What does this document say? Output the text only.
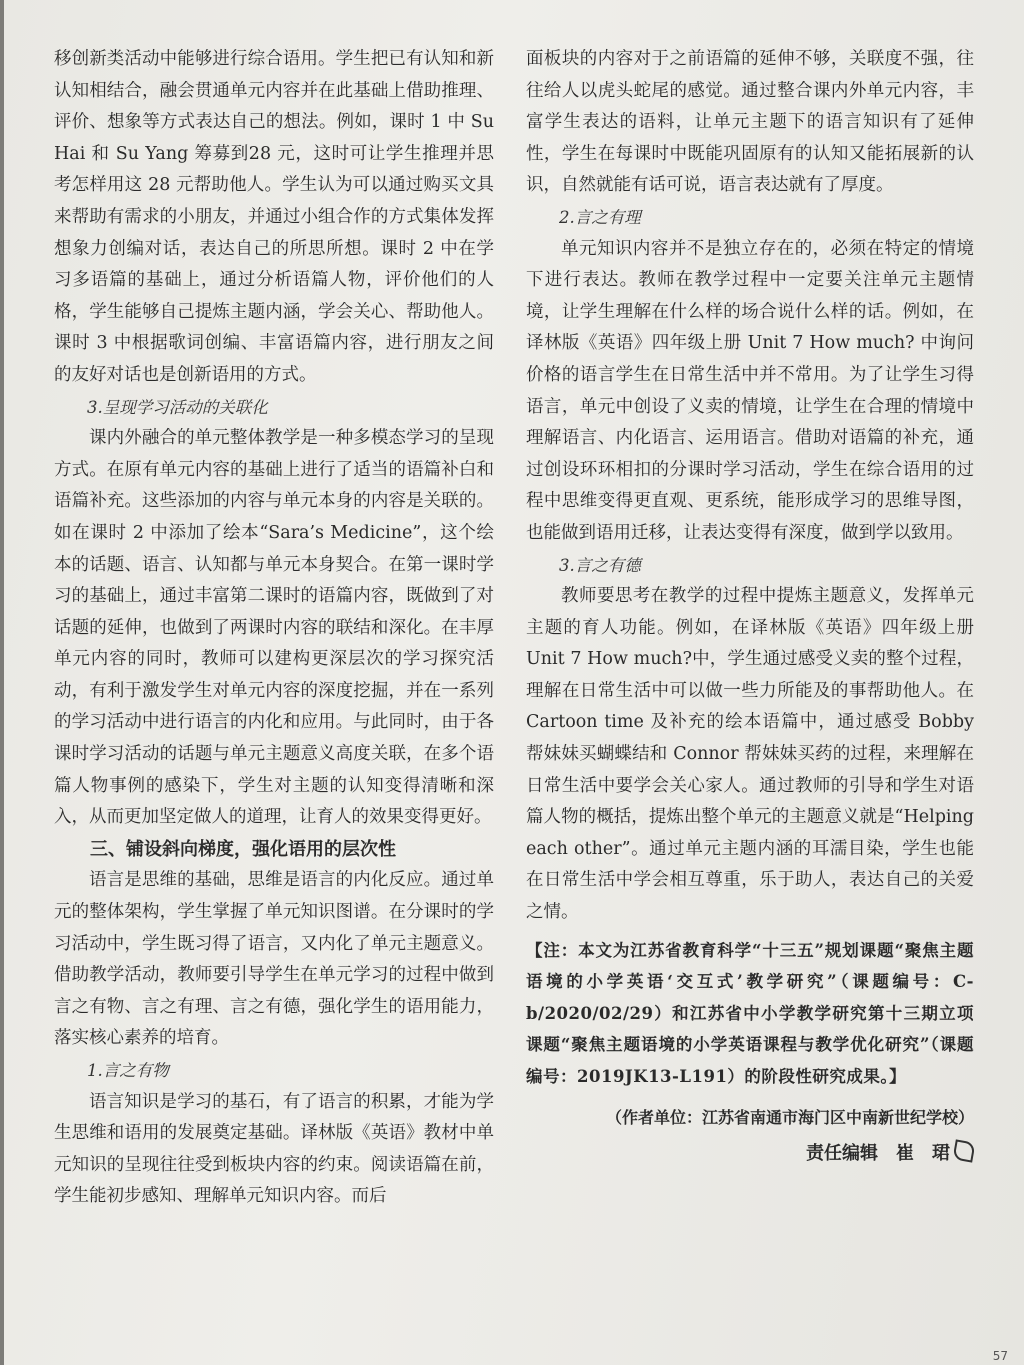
移创新类活动中能够进行综合语用。学生把已有认知和新认知相结合，融会贯通单元内容并在此基础上借助推理、评价、想象等方式表达自己的想法。例如，课时 1 中 Su Hai 和 Su Yang 筹募到28 元，这时可让学生推理并思考怎样用这 28 元帮助他人。学生认为可以通过购买文具来帮助有需求的小朋友，并通过小组合作的方式集体发挥想象力创编对话，表达自己的所思所想。课时 2 中在学习多语篇的基础上，通过分析语篇人物，评价他们的人格，学生能够自己提炼主题内涵，学会关心、帮助他人。课时 3 中根据歌词创编、丰富语篇内容，进行朋友之间的友好对话也是创新语用的方式。

3.呈现学习活动的关联化

课内外融合的单元整体教学是一种多模态学习的呈现方式。在原有单元内容的基础上进行了适当的语篇补白和语篇补充。这些添加的内容与单元本身的内容是关联的。如在课时 2 中添加了绘本“Sara’s Medicine”，这个绘本的话题、语言、认知都与单元本身契合。在第一课时学习的基础上，通过丰富第二课时的语篇内容，既做到了对话题的延伸，也做到了两课时内容的联结和深化。在丰厚单元内容的同时，教师可以建构更深层次的学习探究活动，有利于激发学生对单元内容的深度挖掘，并在一系列的学习活动中进行语言的内化和应用。与此同时，由于各课时学习活动的话题与单元主题意义高度关联，在多个语篇人物事例的感染下，学生对主题的认知变得清晰和深入，从而更加坚定做人的道理，让育人的效果变得更好。

三、铺设斜向梯度，强化语用的层次性

语言是思维的基础，思维是语言的内化反应。通过单元的整体架构，学生掌握了单元知识图谱。在分课时的学习活动中，学生既习得了语言，又内化了单元主题意义。借助教学活动，教师要引导学生在单元学习的过程中做到言之有物、言之有理、言之有德，强化学生的语用能力，落实核心素养的培育。

1.言之有物

语言知识是学习的基石，有了语言的积累，才能为学生思维和语用的发展奠定基础。译林版《英语》教材中单元知识的呈现往往受到板块内容的约束。阅读语篇在前，学生能初步感知、理解单元知识内容。而后

面板块的内容对于之前语篇的延伸不够，关联度不强，往往给人以虎头蛇尾的感觉。通过整合课内外单元内容，丰富学生表达的语料，让单元主题下的语言知识有了延伸性，学生在每课时中既能巩固原有的认知又能拓展新的认识，自然就能有话可说，语言表达就有了厚度。

2.言之有理

单元知识内容并不是独立存在的，必须在特定的情境下进行表达。教师在教学过程中一定要关注单元主题情境，让学生理解在什么样的场合说什么样的话。例如，在译林版《英语》四年级上册 Unit 7 How much? 中询问价格的语言学生在日常生活中并不常用。为了让学生习得语言，单元中创设了义卖的情境，让学生在合理的情境中理解语言、内化语言、运用语言。借助对语篇的补充，通过创设环环相扣的分课时学习活动，学生在综合语用的过程中思维变得更直观、更系统，能形成学习的思维导图，也能做到语用迁移，让表达变得有深度，做到学以致用。

3.言之有德

教师要思考在教学的过程中提炼主题意义，发挥单元主题的育人功能。例如，在译林版《英语》四年级上册 Unit 7 How much?中，学生通过感受义卖的整个过程，理解在日常生活中可以做一些力所能及的事帮助他人。在 Cartoon time 及补充的绘本语篇中，通过感受 Bobby 帮妹妹买蝴蝶结和 Connor 帮妹妹买药的过程，来理解在日常生活中要学会关心家人。通过教师的引导和学生对语篇人物的概括，提炼出整个单元的主题意义就是“Helping each other”。通过单元主题内涵的耳濡目染，学生也能在日常生活中学会相互尊重，乐于助人，表达自己的关爱之情。

【注：本文为江苏省教育科学“十三五”规划课题“聚焦主题语境的小学英语‘交互式’教学研究”（课题编号：C-b/2020/02/29）和江苏省中小学教学研究第十三期立项课题“聚焦主题语境的小学英语课程与教学优化研究”（课题编号：2019JK13-L191）的阶段性研究成果。】

（作者单位：江苏省南通市海门区中南新世纪学校）

责任编辑　崔　珺

57
